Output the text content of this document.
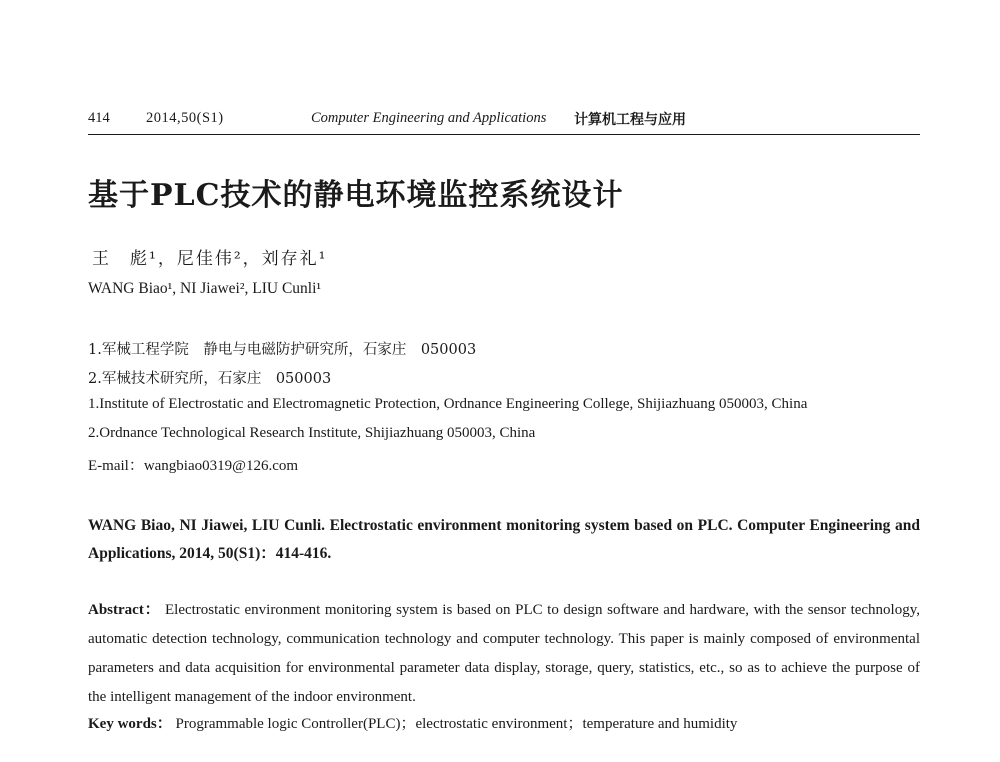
414	2014,50(S1)	Computer Engineering and Applications 计算机工程与应用
基于PLC技术的静电环境监控系统设计
王　彪¹，尼佳伟²，刘存礼¹
WANG Biao¹, NI Jiawei², LIU Cunli¹
1.军械工程学院　静电与电磁防护研究所，石家庄　050003
2.军械技术研究所，石家庄　050003
1.Institute of Electrostatic and Electromagnetic Protection, Ordnance Engineering College, Shijiazhuang 050003, China
2.Ordnance Technological Research Institute, Shijiazhuang 050003, China
E-mail：wangbiao0319@126.com
WANG Biao, NI Jiawei, LIU Cunli. Electrostatic environment monitoring system based on PLC. Computer Engineering and Applications, 2014, 50(S1)：414-416.
Abstract： Electrostatic environment monitoring system is based on PLC to design software and hardware, with the sensor technology, automatic detection technology, communication technology and computer technology. This paper is mainly composed of environmental parameters and data acquisition for environmental parameter data display, storage, query, statistics, etc., so as to achieve the purpose of the intelligent management of the indoor environment.
Key words： Programmable logic Controller(PLC)；electrostatic environment；temperature and humidity
